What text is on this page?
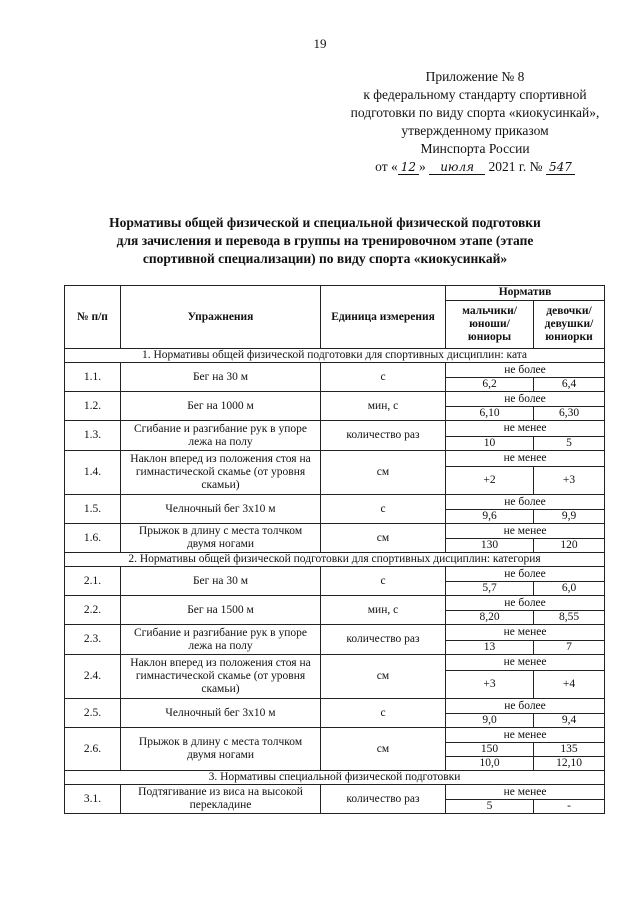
19
Приложение № 8
к федеральному стандарту спортивной
подготовки по виду спорта «киокусинкай»,
утвержденному приказом
Минспорта России
от « 12 » июля 2021 г. № 547
Нормативы общей физической и специальной физической подготовки
для зачисления и перевода в группы на тренировочном этапе (этапе
спортивной специализации) по виду спорта «киокусинкай»
№ п/п	Упражнения	Единица измерения	Норматив	
			мальчики/ юноши/ юниоры	девочки/ девушки/ юниорки
1. Нормативы общей физической подготовки для спортивных дисциплин: ката				
1.1.	Бег на 30 м	с	не более	
			6,2	6,4
1.2.	Бег на 1000 м	мин, с	не более	
			6,10	6,30
1.3.	Сгибание и разгибание рук в упоре лежа на полу	количество раз	не менее	
			10	5
1.4.	Наклон вперед из положения стоя на гимнастической скамье (от уровня скамьи)	см	не менее	
			+2	+3
1.5.	Челночный бег 3х10 м	с	не более	
			9,6	9,9
1.6.	Прыжок в длину с места толчком двумя ногами	см	не менее	
			130	120
2. Нормативы общей физической подготовки для спортивных дисциплин: категория				
2.1.	Бег на 30 м	с	не более	
			5,7	6,0
2.2.	Бег на 1500 м	мин, с	не более	
			8,20	8,55
2.3.	Сгибание и разгибание рук в упоре лежа на полу	количество раз	не менее	
			13	7
2.4.	Наклон вперед из положения стоя на гимнастической скамье (от уровня скамьи)	см	не менее	
			+3	+4
2.5.	Челночный бег 3х10 м	с	не более	
			9,0	9,4
2.6.	Прыжок в длину с места толчком двумя ногами	см	не менее	
			150	135
			10,0	12,10
3. Нормативы специальной физической подготовки				
3.1.	Подтягивание из виса на высокой перекладине	количество раз	не менее	
			5	-
